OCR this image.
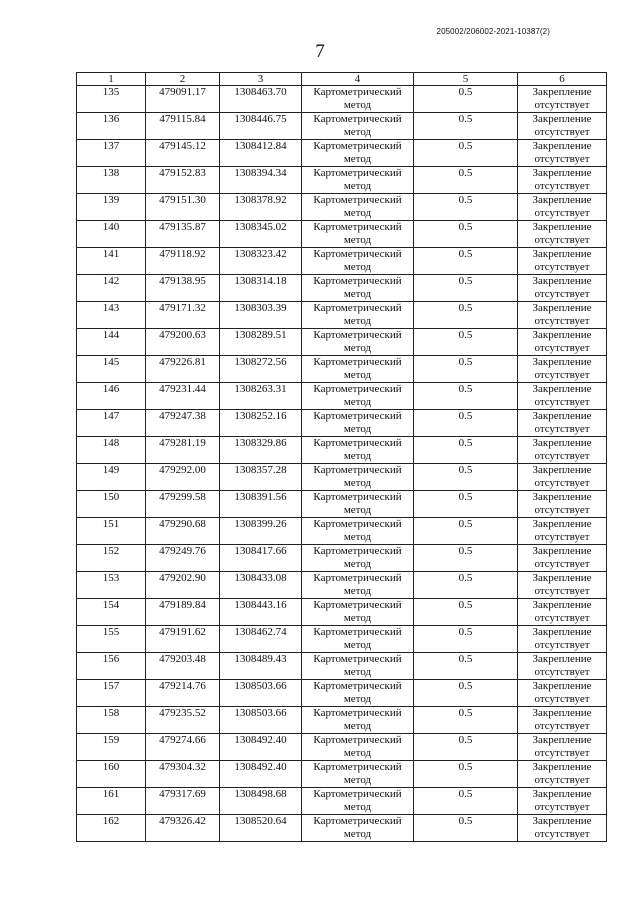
205002/206002-2021-10387(2)
7
1	2	3	4	5	6
135	479091.17	1308463.70	Картометрический
метод	0.5	Закрепление
отсутствует

136	479115.84	1308446.75	Картометрический
метод	0.5	Закрепление
отсутствует

137	479145.12	1308412.84	Картометрический
метод	0.5	Закрепление
отсутствует

138	479152.83	1308394.34	Картометрический
метод	0.5	Закрепление
отсутствует

139	479151.30	1308378.92	Картометрический
метод	0.5	Закрепление
отсутствует

140	479135.87	1308345.02	Картометрический
метод	0.5	Закрепление
отсутствует

141	479118.92	1308323.42	Картометрический
метод	0.5	Закрепление
отсутствует

142	479138.95	1308314.18	Картометрический
метод	0.5	Закрепление
отсутствует

143	479171.32	1308303.39	Картометрический
метод	0.5	Закрепление
отсутствует

144	479200.63	1308289.51	Картометрический
метод	0.5	Закрепление
отсутствует

145	479226.81	1308272.56	Картометрический
метод	0.5	Закрепление
отсутствует

146	479231.44	1308263.31	Картометрический
метод	0.5	Закрепление
отсутствует

147	479247.38	1308252.16	Картометрический
метод	0.5	Закрепление
отсутствует

148	479281.19	1308329.86	Картометрический
метод	0.5	Закрепление
отсутствует

149	479292.00	1308357.28	Картометрический
метод	0.5	Закрепление
отсутствует

150	479299.58	1308391.56	Картометрический
метод	0.5	Закрепление
отсутствует

151	479290.68	1308399.26	Картометрический
метод	0.5	Закрепление
отсутствует

152	479249.76	1308417.66	Картометрический
метод	0.5	Закрепление
отсутствует

153	479202.90	1308433.08	Картометрический
метод	0.5	Закрепление
отсутствует

154	479189.84	1308443.16	Картометрический
метод	0.5	Закрепление
отсутствует

155	479191.62	1308462.74	Картометрический
метод	0.5	Закрепление
отсутствует

156	479203.48	1308489.43	Картометрический
метод	0.5	Закрепление
отсутствует

157	479214.76	1308503.66	Картометрический
метод	0.5	Закрепление
отсутствует

158	479235.52	1308503.66	Картометрический
метод	0.5	Закрепление
отсутствует

159	479274.66	1308492.40	Картометрический
метод	0.5	Закрепление
отсутствует

160	479304.32	1308492.40	Картометрический
метод	0.5	Закрепление
отсутствует

161	479317.69	1308498.68	Картометрический
метод	0.5	Закрепление
отсутствует

162	479326.42	1308520.64	Картометрический
метод	0.5	Закрепление
отсутствует
